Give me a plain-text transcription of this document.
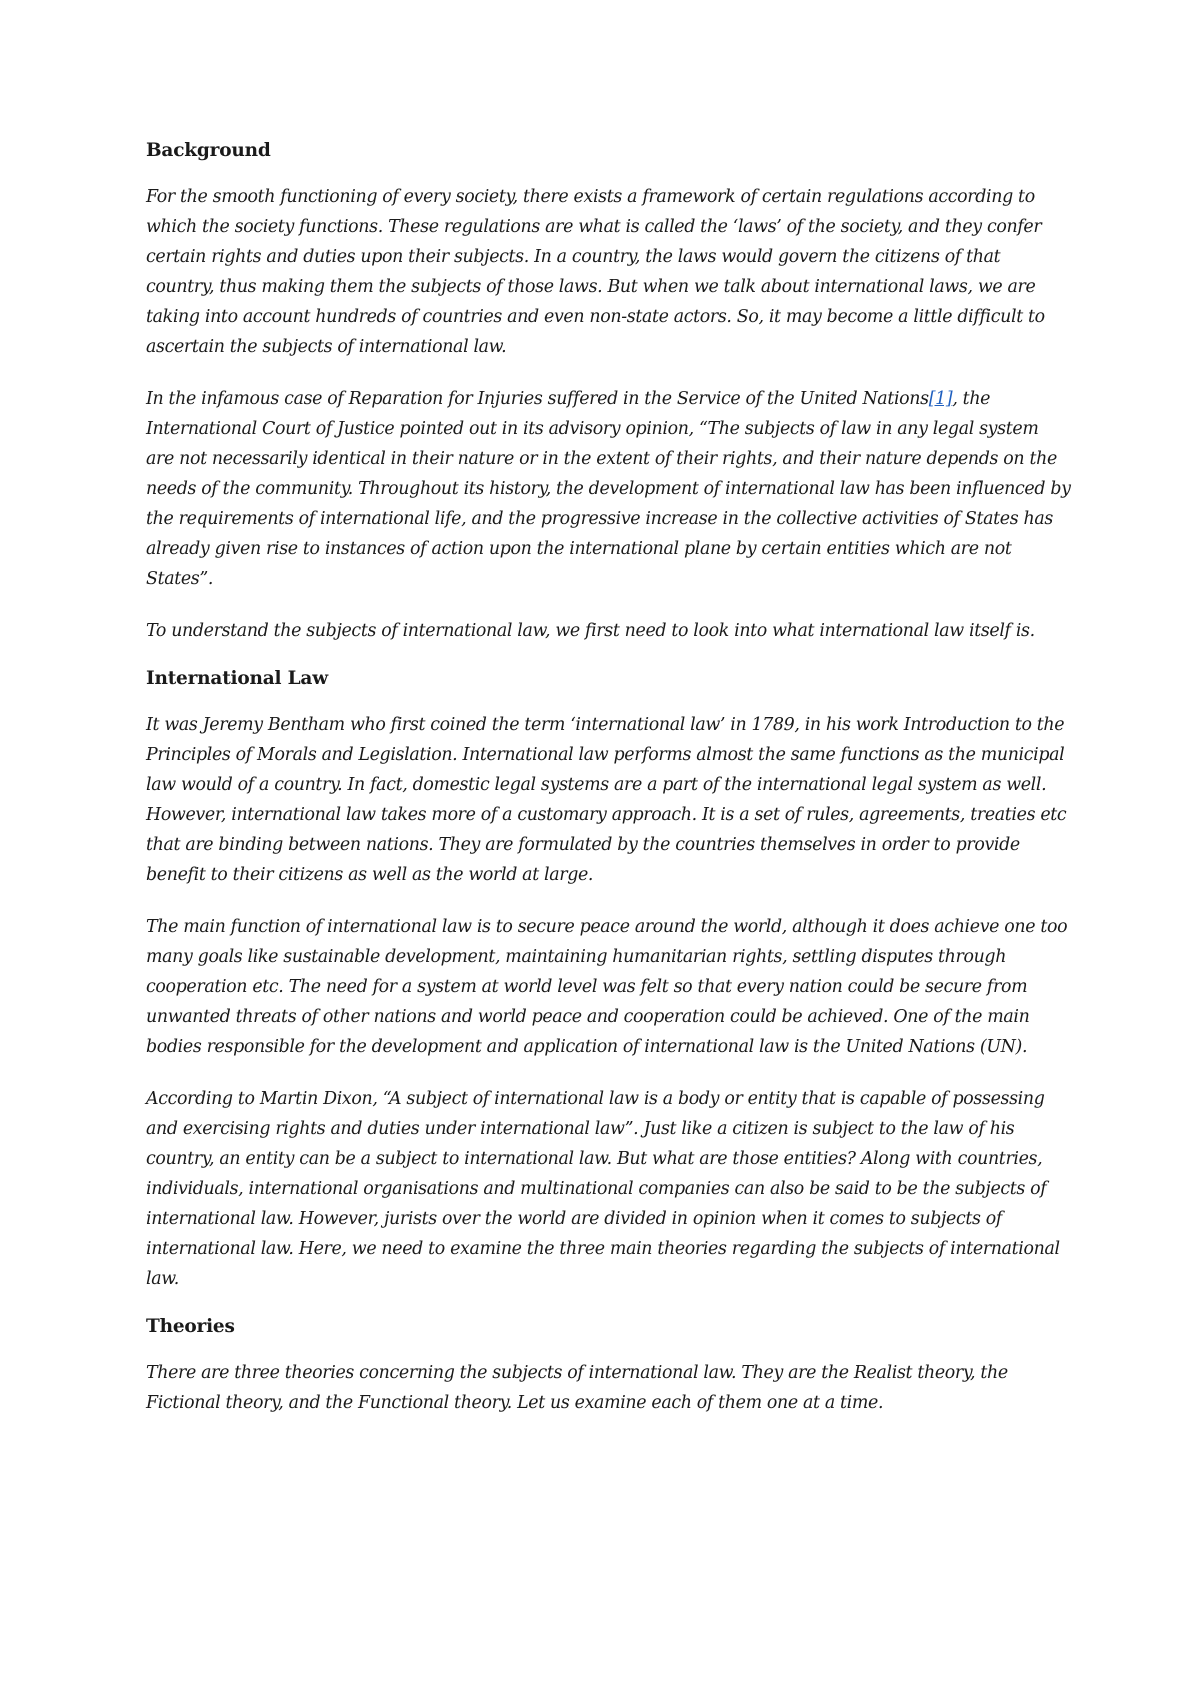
Background

For the smooth functioning of every society, there exists a framework of certain regulations according to which the society functions. These regulations are what is called the ‘laws’ of the society, and they confer certain rights and duties upon their subjects. In a country, the laws would govern the citizens of that country, thus making them the subjects of those laws. But when we talk about international laws, we are taking into account hundreds of countries and even non-state actors. So, it may become a little difficult to ascertain the subjects of international law.

In the infamous case of Reparation for Injuries suffered in the Service of the United Nations[1], the International Court of Justice pointed out in its advisory opinion, “The subjects of law in any legal system are not necessarily identical in their nature or in the extent of their rights, and their nature depends on the needs of the community. Throughout its history, the development of international law has been influenced by the requirements of international life, and the progressive increase in the collective activities of States has already given rise to instances of action upon the international plane by certain entities which are not States”.

To understand the subjects of international law, we first need to look into what international law itself is.

International Law

It was Jeremy Bentham who first coined the term ‘international law’ in 1789, in his work Introduction to the Principles of Morals and Legislation. International law performs almost the same functions as the municipal law would of a country. In fact, domestic legal systems are a part of the international legal system as well. However, international law takes more of a customary approach. It is a set of rules, agreements, treaties etc that are binding between nations. They are formulated by the countries themselves in order to provide benefit to their citizens as well as the world at large.

The main function of international law is to secure peace around the world, although it does achieve one too many goals like sustainable development, maintaining humanitarian rights, settling disputes through cooperation etc. The need for a system at world level was felt so that every nation could be secure from unwanted threats of other nations and world peace and cooperation could be achieved. One of the main bodies responsible for the development and application of international law is the United Nations (UN).

According to Martin Dixon, “A subject of international law is a body or entity that is capable of possessing and exercising rights and duties under international law”. Just like a citizen is subject to the law of his country, an entity can be a subject to international law. But what are those entities? Along with countries, individuals, international organisations and multinational companies can also be said to be the subjects of international law. However, jurists over the world are divided in opinion when it comes to subjects of international law. Here, we need to examine the three main theories regarding the subjects of international law.

Theories

There are three theories concerning the subjects of international law. They are the Realist theory, the Fictional theory, and the Functional theory. Let us examine each of them one at a time.
